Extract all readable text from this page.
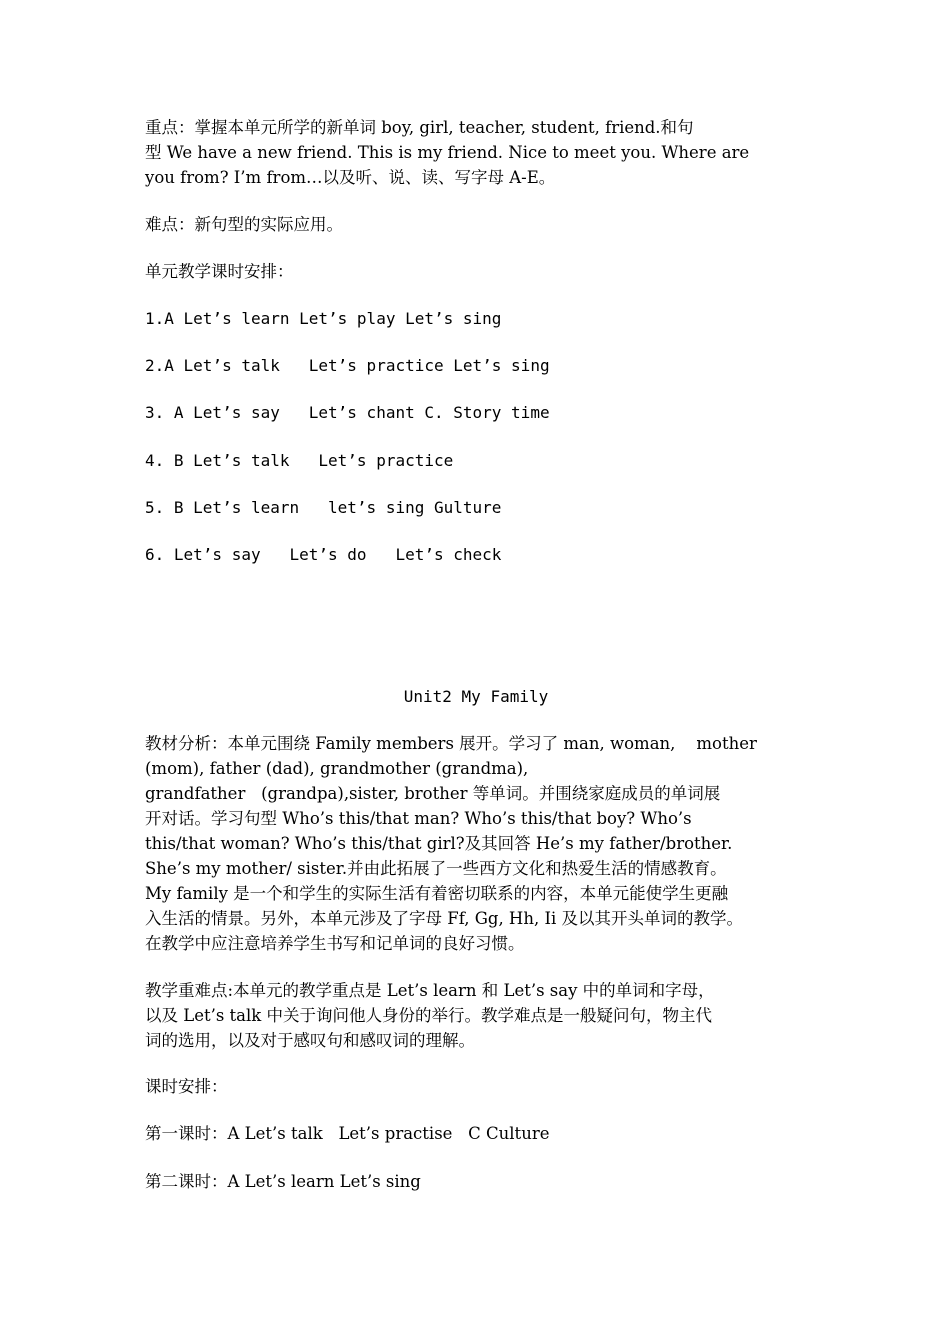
重点：掌握本单元所学的新单词 boy, girl, teacher, student, friend.和句
型 We have a new friend. This is my friend. Nice to meet you. Where are
you from? I’m from…以及听、说、读、写字母 A-E。
难点：新句型的实际应用。
单元教学课时安排：
1.A Let’s learn Let’s play Let’s sing
2.A Let’s talk   Let’s practice Let’s sing
3. A Let’s say   Let’s chant C. Story time
4. B Let’s talk   Let’s practice
5. B Let’s learn   let’s sing Gulture
6. Let’s say   Let’s do   Let’s check
Unit2 My Family
教材分析：本单元围绕 Family members 展开。学习了 man, woman,    mother
(mom), father (dad), grandmother (grandma),
grandfather   (grandpa),sister, brother 等单词。并围绕家庭成员的单词展
开对话。学习句型 Who’s this/that man? Who’s this/that boy? Who’s
this/that woman? Who’s this/that girl?及其回答 He’s my father/brother.
She’s my mother/ sister.并由此拓展了一些西方文化和热爱生活的情感教育。
My family 是一个和学生的实际生活有着密切联系的内容，本单元能使学生更融
入生活的情景。另外，本单元涉及了字母 Ff, Gg, Hh, Ii 及以其开头单词的教学。
在教学中应注意培养学生书写和记单词的良好习惯。
教学重难点:本单元的教学重点是 Let’s learn 和 Let’s say 中的单词和字母，
以及 Let’s talk 中关于询问他人身份的举行。教学难点是一般疑问句，物主代
词的选用，以及对于感叹句和感叹词的理解。
课时安排：
第一课时：A Let’s talk   Let’s practise   C Culture
第二课时：A Let’s learn Let’s sing
